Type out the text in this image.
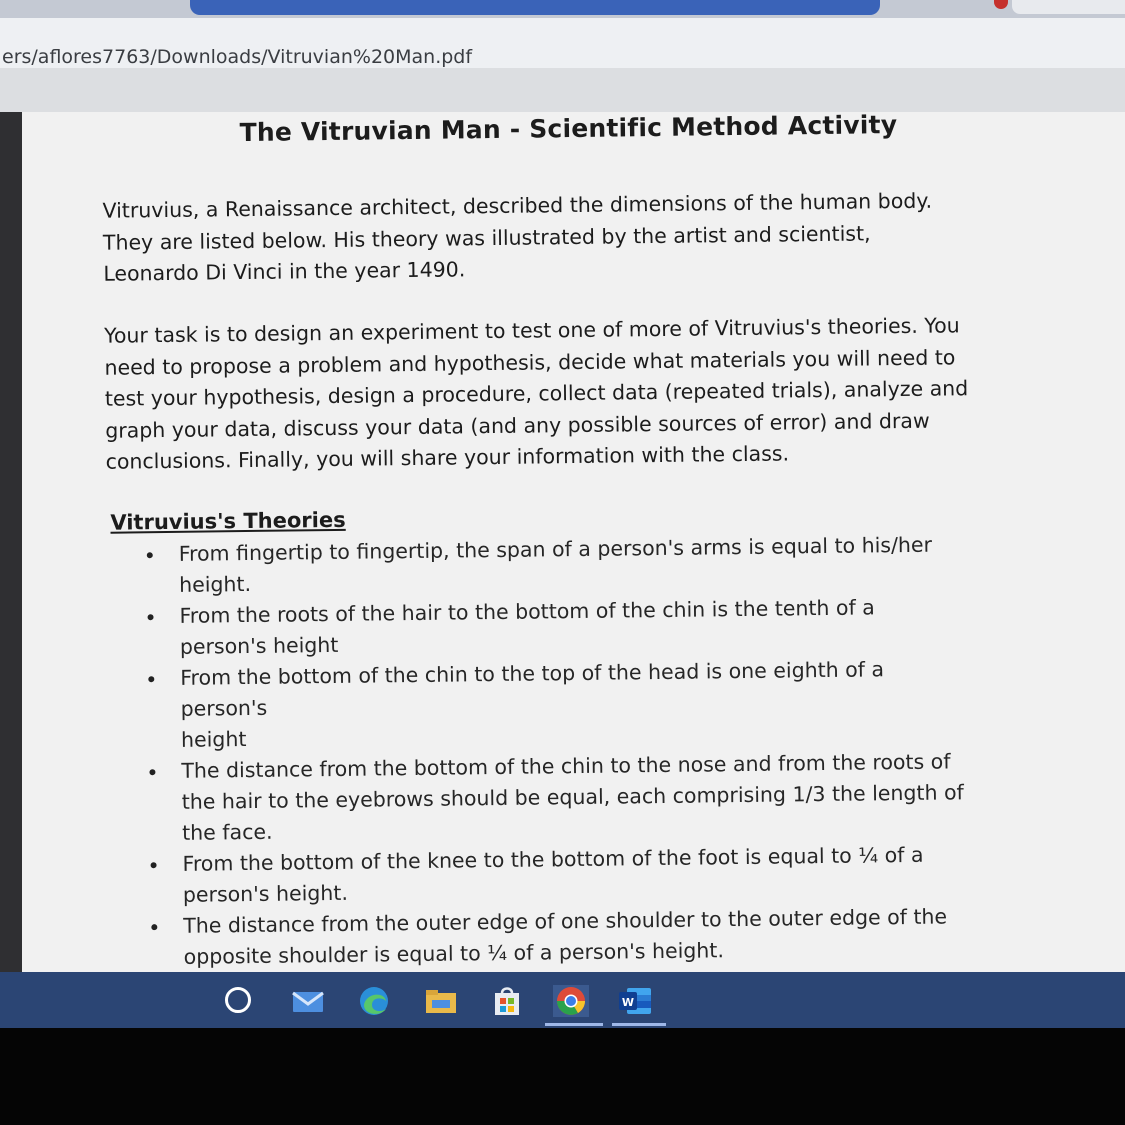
ers/aflores7763/Downloads/Vitruvian%20Man.pdf
The Vitruvian Man - Scientific Method Activity

Vitruvius, a Renaissance architect, described the dimensions of the human body.
They are listed below. His theory was illustrated by the artist and scientist,
Leonardo Di Vinci in the year 1490.

Your task is to design an experiment to test one of more of Vitruvius's theories. You
need to propose a problem and hypothesis, decide what materials you will need to
test your hypothesis, design a procedure, collect data (repeated trials), analyze and
graph your data, discuss your data (and any possible sources of error) and draw
conclusions. Finally, you will share your information with the class.

Vitruvius's Theories
From fingertip to fingertip, the span of a person's arms is equal to his/her
height.
From the roots of the hair to the bottom of the chin is the tenth of a
person's height
From the bottom of the chin to the top of the head is one eighth of a person's
height
The distance from the bottom of the chin to the nose and from the roots of
the hair to the eyebrows should be equal, each comprising 1/3 the length of
the face.
From the bottom of the knee to the bottom of the foot is equal to ¼ of a
person's height.
The distance from the outer edge of one shoulder to the outer edge of the
opposite shoulder is equal to ¼ of a person's height.
W
